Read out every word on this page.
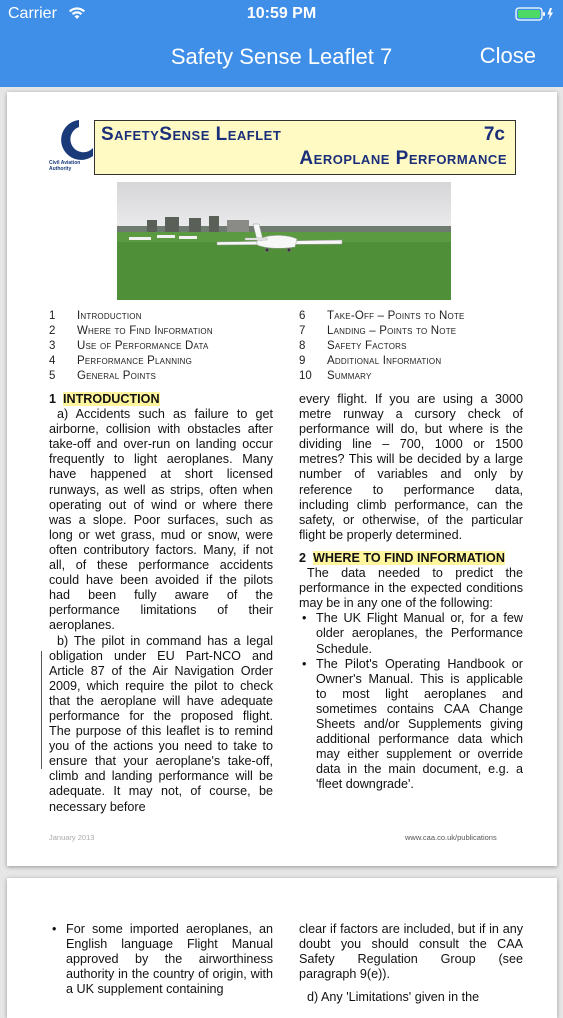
Carrier	10:59 PM
Safety Sense Leaflet 7	Close
Civil Aviation Authority
SafetySense Leaflet	7c
Aeroplane Performance
1 Introduction
2 Where to Find Information
3 Use of Performance Data
4 Performance Planning
5 General Points
6 Take-Off – Points to Note
7 Landing – Points to Note
8 Safety Factors
9 Additional Information
10 Summary

1 INTRODUCTION

a) Accidents such as failure to get airborne, collision with obstacles after take-off and over-run on landing occur frequently to light aeroplanes. Many have happened at short licensed runways, as well as strips, often when operating out of wind or where there was a slope. Poor surfaces, such as long or wet grass, mud or snow, were often contributory factors. Many, if not all, of these performance accidents could have been avoided if the pilots had been fully aware of the performance limitations of their aeroplanes.

b) The pilot in command has a legal obligation under EU Part-NCO and Article 87 of the Air Navigation Order 2009, which require the pilot to check that the aeroplane will have adequate performance for the proposed flight. The purpose of this leaflet is to remind you of the actions you need to take to ensure that your aeroplane's take-off, climb and landing performance will be adequate. It may not, of course, be necessary before

every flight. If you are using a 3000 metre runway a cursory check of performance will do, but where is the dividing line – 700, 1000 or 1500 metres? This will be decided by a large number of variables and only by reference to performance data, including climb performance, can the safety, or otherwise, of the particular flight be properly determined.

2 WHERE TO FIND INFORMATION

The data needed to predict the performance in the expected conditions may be in any one of the following:

• The UK Flight Manual or, for a few older aeroplanes, the Performance Schedule.
• The Pilot's Operating Handbook or Owner's Manual. This is applicable to most light aeroplanes and sometimes contains CAA Change Sheets and/or Supplements giving additional performance data which may either supplement or override data in the main document, e.g. a 'fleet downgrade'.
January 2013	www.caa.co.uk/publications
• For some imported aeroplanes, an English language Flight Manual approved by the airworthiness authority in the country of origin, with a UK supplement containing

clear if factors are included, but if in any doubt you should consult the CAA Safety Regulation Group (see paragraph 9(e)).

d) Any 'Limitations' given in the
